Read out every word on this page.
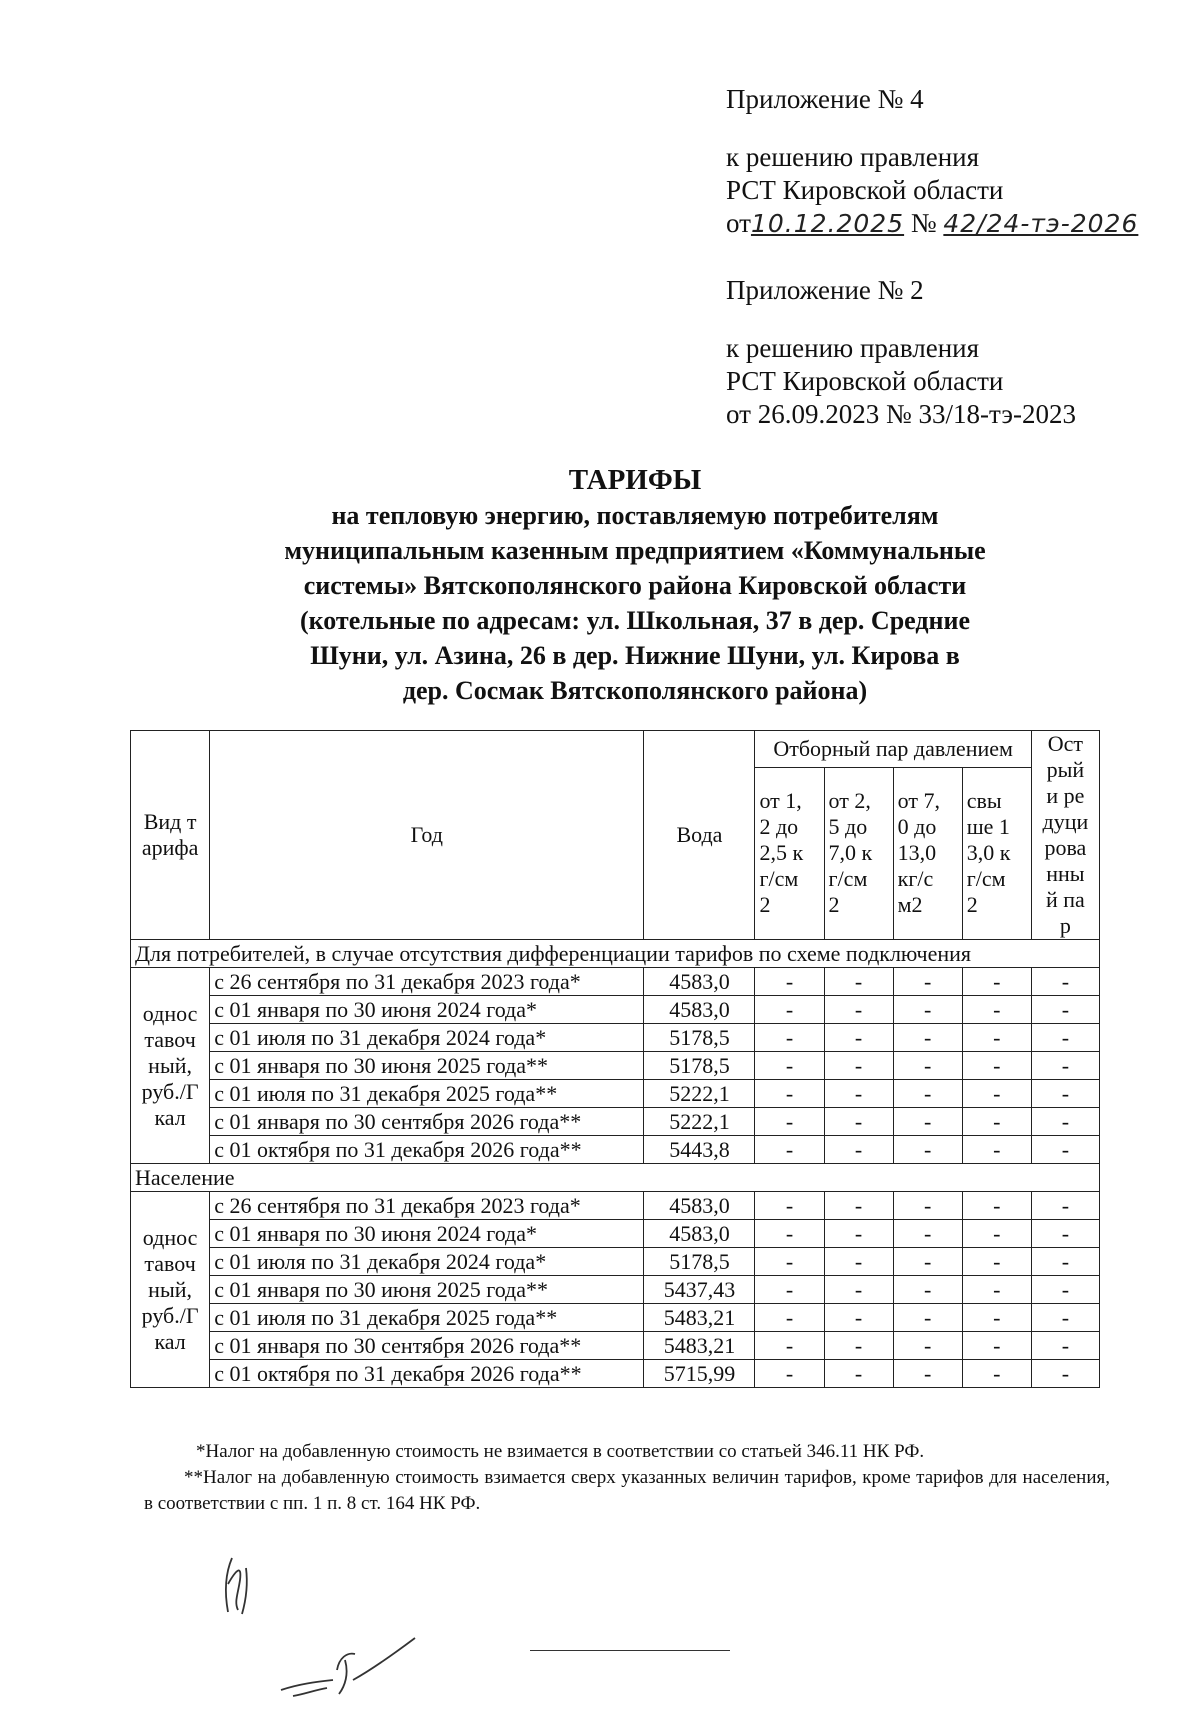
Приложение № 4
к решению правления
РСТ Кировской области
от10.12.2025 № 42/24-тэ-2026
Приложение № 2
к решению правления
РСТ Кировской области
от 26.09.2023 № 33/18-тэ-2023
ТАРИФЫ
на тепловую энергию, поставляемую потребителям
муниципальным казенным предприятием «Коммунальные
системы» Вятскополянского района Кировской области
(котельные по адресам: ул. Школьная, 37 в дер. Средние
Шуни, ул. Азина, 26 в дер. Нижние Шуни, ул. Кирова в
дер. Сосмак Вятскополянского района)
Вид тарифа	Год	Вода	Отборный пар давлением				Острый и редуцированный пар

			от 1,2 до 2,5 кг/см2	от 2,5 до 7,0 кг/см2	от 7,0 до 13,0 кг/см2	свыше 13,0 кг/см2	

Для потребителей, в случае отсутствия дифференциации тарифов по схеме подключения							

одноставочный, руб./Гкал	с 26 сентября по 31 декабря 2023 года*	4583,0	-	-	-	-	-
	с 01 января по 30 июня 2024 года*	4583,0	-	-	-	-	-
	с 01 июля по 31 декабря 2024 года*	5178,5	-	-	-	-	-
	с 01 января по 30 июня 2025 года**	5178,5	-	-	-	-	-
	с 01 июля по 31 декабря 2025 года**	5222,1	-	-	-	-	-
	с 01 января по 30 сентября 2026 года**	5222,1	-	-	-	-	-
	с 01 октября по 31 декабря 2026 года**	5443,8	-	-	-	-	-
Население							

одноставочный, руб./Гкал	с 26 сентября по 31 декабря 2023 года*	4583,0	-	-	-	-	-
	с 01 января по 30 июня 2024 года*	4583,0	-	-	-	-	-
	с 01 июля по 31 декабря 2024 года*	5178,5	-	-	-	-	-
	с 01 января по 30 июня 2025 года**	5437,43	-	-	-	-	-
	с 01 июля по 31 декабря 2025 года**	5483,21	-	-	-	-	-
	с 01 января по 30 сентября 2026 года**	5483,21	-	-	-	-	-
	с 01 октября по 31 декабря 2026 года**	5715,99	-	-	-	-	-

*Налог на добавленную стоимость не взимается в соответствии со статьей 346.11 НК РФ.

**Налог на добавленную стоимость взимается сверх указанных величин тарифов, кроме тарифов для населения, в соответствии с пп. 1 п. 8 ст. 164 НК РФ.
